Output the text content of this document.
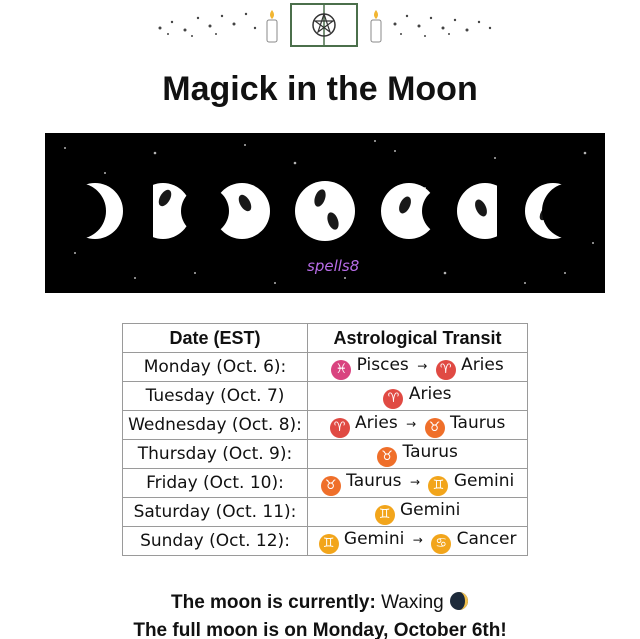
Magick in the Moon
spells8
Date (EST)	Astrological Transit
Monday (Oct. 6):	♓ Pisces → ♈ Aries
Tuesday (Oct. 7)	♈ Aries
Wednesday (Oct. 8):	♈ Aries → ♉ Taurus
Thursday (Oct. 9):	♉ Taurus
Friday (Oct. 10):	♉ Taurus → ♊ Gemini
Saturday (Oct. 11):	♊ Gemini
Sunday (Oct. 12):	♊ Gemini → ♋ Cancer
The moon is currently: Waxing
The full moon is on Monday, October 6th!
